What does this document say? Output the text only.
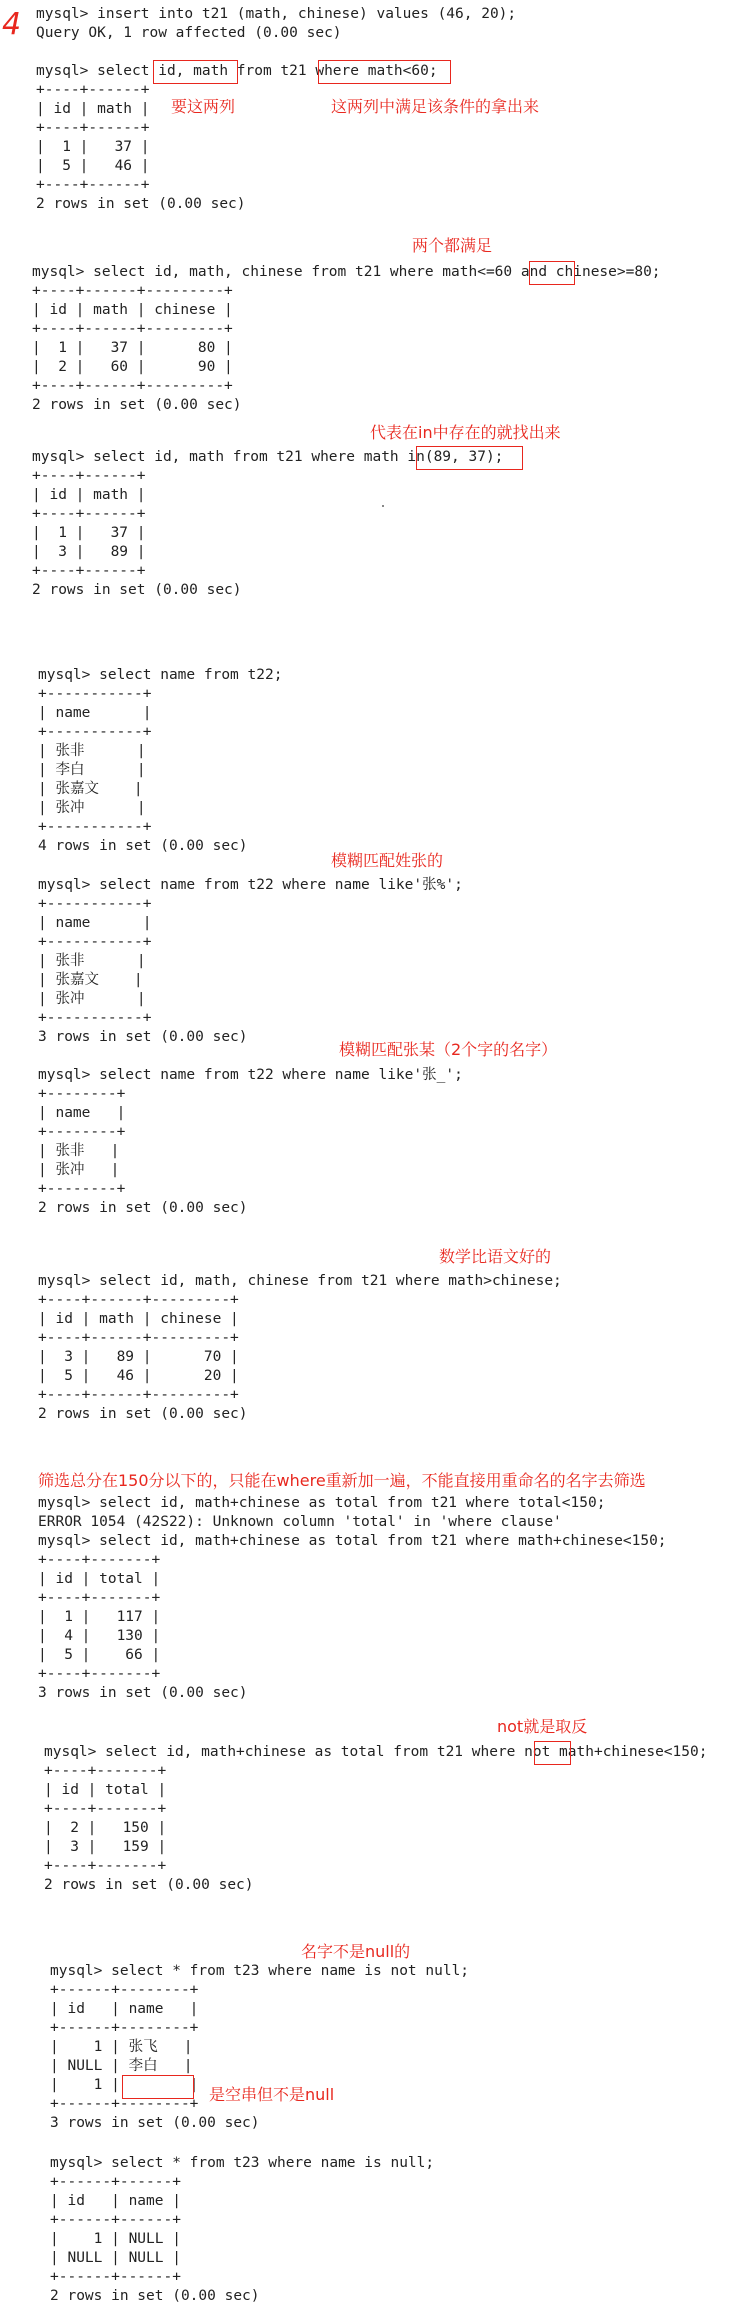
4 mysql> insert into t21 (math, chinese) values (46, 20);
Query OK, 1 row affected (0.00 sec)
mysql> select id, math from t21 where math<60;
+----+------+
| id | math |
+----+------+
|  1 |   37 |
|  5 |   46 |
+----+------+
2 rows in set (0.00 sec)
mysql> select id, math, chinese from t21 where math<=60 and chinese>=80;
+----+------+---------+
| id | math | chinese |
+----+------+---------+
|  1 |   37 |      80 |
|  2 |   60 |      90 |
+----+------+---------+
2 rows in set (0.00 sec)
mysql> select id, math from t21 where math in(89, 37);
+----+------+
| id | math |
+----+------+
|  1 |   37 |
|  3 |   89 |
+----+------+
2 rows in set (0.00 sec)
mysql> select name from t22;
+-----------+
| name      |
+-----------+
| 张非      |
| 李白      |
| 张嘉文    |
| 张冲      |
+-----------+
4 rows in set (0.00 sec)
mysql> select name from t22 where name like'张%';
+-----------+
| name      |
+-----------+
| 张非      |
| 张嘉文    |
| 张冲      |
+-----------+
3 rows in set (0.00 sec)
mysql> select name from t22 where name like'张_';
+--------+
| name   |
+--------+
| 张非   |
| 张冲   |
+--------+
2 rows in set (0.00 sec)
mysql> select id, math, chinese from t21 where math>chinese;
+----+------+---------+
| id | math | chinese |
+----+------+---------+
|  3 |   89 |      70 |
|  5 |   46 |      20 |
+----+------+---------+
2 rows in set (0.00 sec)
mysql> select id, math+chinese as total from t21 where total<150;
ERROR 1054 (42S22): Unknown column 'total' in 'where clause'
mysql> select id, math+chinese as total from t21 where math+chinese<150;
+----+-------+
| id | total |
+----+-------+
|  1 |   117 |
|  4 |   130 |
|  5 |    66 |
+----+-------+
3 rows in set (0.00 sec)
mysql> select id, math+chinese as total from t21 where not math+chinese<150;
+----+-------+
| id | total |
+----+-------+
|  2 |   150 |
|  3 |   159 |
+----+-------+
2 rows in set (0.00 sec)
mysql> select * from t23 where name is not null;
+------+--------+
| id   | name   |
+------+--------+
|    1 | 张飞   |
| NULL | 李白   |
|    1 |        |
+------+--------+
3 rows in set (0.00 sec)
mysql> select * from t23 where name is null;
+------+------+
| id   | name |
+------+------+
|    1 | NULL |
| NULL | NULL |
+------+------+
2 rows in set (0.00 sec)
要这两列	这两列中满足该条件的拿出来
两个都满足
代表在in中存在的就找出来
模糊匹配姓张的
模糊匹配张某（2个字的名字）
数学比语文好的
筛选总分在150分以下的，只能在where重新加一遍，不能直接用重命名的名字去筛选
not就是取反
名字不是null的
是空串但不是null
